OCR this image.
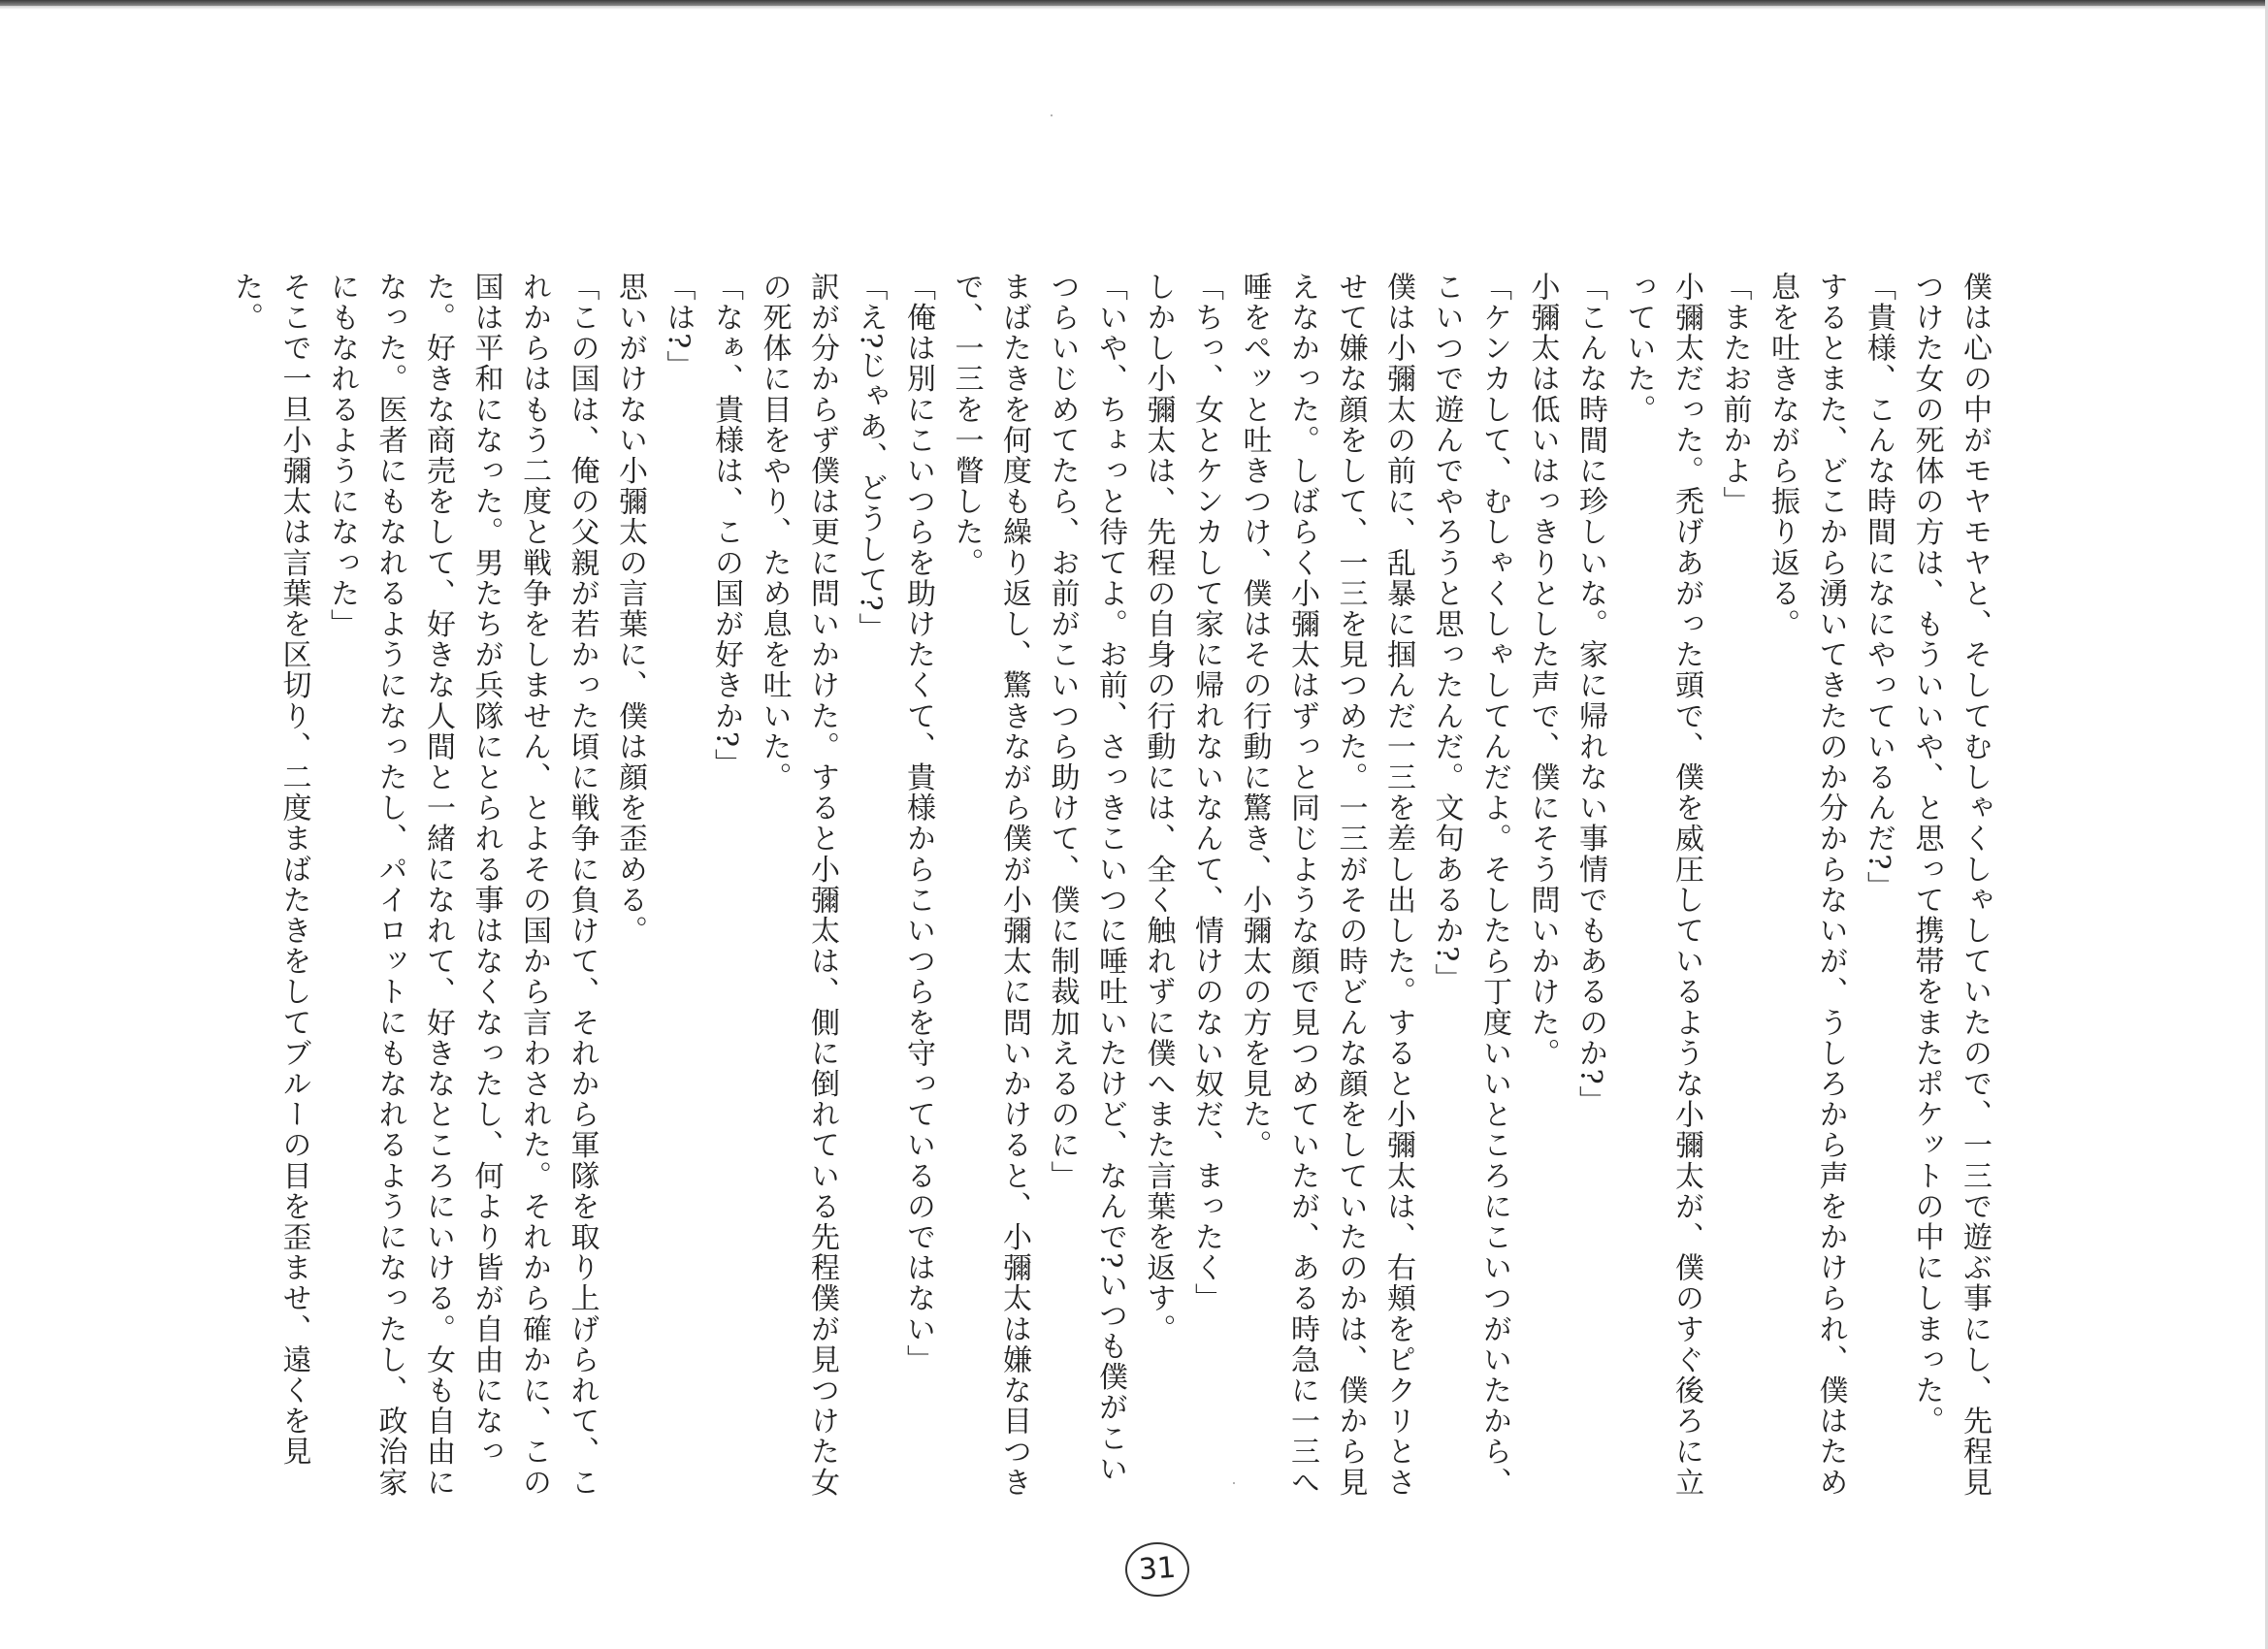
僕は心の中がモヤモヤと、そしてむしゃくしゃしていたので、一三で遊ぶ事にし、先程見つけた女の死体の方は、もういいや、と思って携帯をまたポケットの中にしまった。

「貴様、こんな時間になにやっているんだ?」

するとまた、どこから湧いてきたのか分からないが、うしろから声をかけられ、僕はため息を吐きながら振り返る。

「またお前かよ」

小彌太だった。禿げあがった頭で、僕を威圧しているような小彌太が、僕のすぐ後ろに立っていた。

「こんな時間に珍しいな。家に帰れない事情でもあるのか?」

小彌太は低いはっきりとした声で、僕にそう問いかけた。

「ケンカして、むしゃくしゃしてんだよ。そしたら丁度いいところにこいつがいたから、こいつで遊んでやろうと思ったんだ。文句あるか?」

僕は小彌太の前に、乱暴に掴んだ一三を差し出した。すると小彌太は、右頬をピクリとさせて嫌な顔をして、一三を見つめた。一三がその時どんな顔をしていたのかは、僕から見えなかった。しばらく小彌太はずっと同じような顔で見つめていたが、ある時急に一三へ唾をペッと吐きつけ、僕はその行動に驚き、小彌太の方を見た。

「ちっ、女とケンカして家に帰れないなんて、情けのない奴だ、まったく」

しかし小彌太は、先程の自身の行動には、全く触れずに僕へまた言葉を返す。

「いや、ちょっと待てよ。お前、さっきこいつに唾吐いたけど、なんで?いつも僕がこいつらいじめてたら、お前がこいつら助けて、僕に制裁加えるのに」

まばたきを何度も繰り返し、驚きながら僕が小彌太に問いかけると、小彌太は嫌な目つきで、一三を一瞥した。

「俺は別にこいつらを助けたくて、貴様からこいつらを守っているのではない」

「え?じゃあ、どうして?」

訳が分からず僕は更に問いかけた。すると小彌太は、側に倒れている先程僕が見つけた女の死体に目をやり、ため息を吐いた。

「なぁ、貴様は、この国が好きか?」

「は?」

思いがけない小彌太の言葉に、僕は顔を歪める。

「この国は、俺の父親が若かった頃に戦争に負けて、それから軍隊を取り上げられて、これからはもう二度と戦争をしません、とよその国から言わされた。それから確かに、この国は平和になった。男たちが兵隊にとられる事はなくなったし、何より皆が自由になった。好きな商売をして、好きな人間と一緒になれて、好きなところにいける。女も自由になった。医者にもなれるようになったし、パイロットにもなれるようになったし、政治家にもなれるようになった」

そこで一旦小彌太は言葉を区切り、二度まばたきをしてブルーの目を歪ませ、遠くを見た。

31
